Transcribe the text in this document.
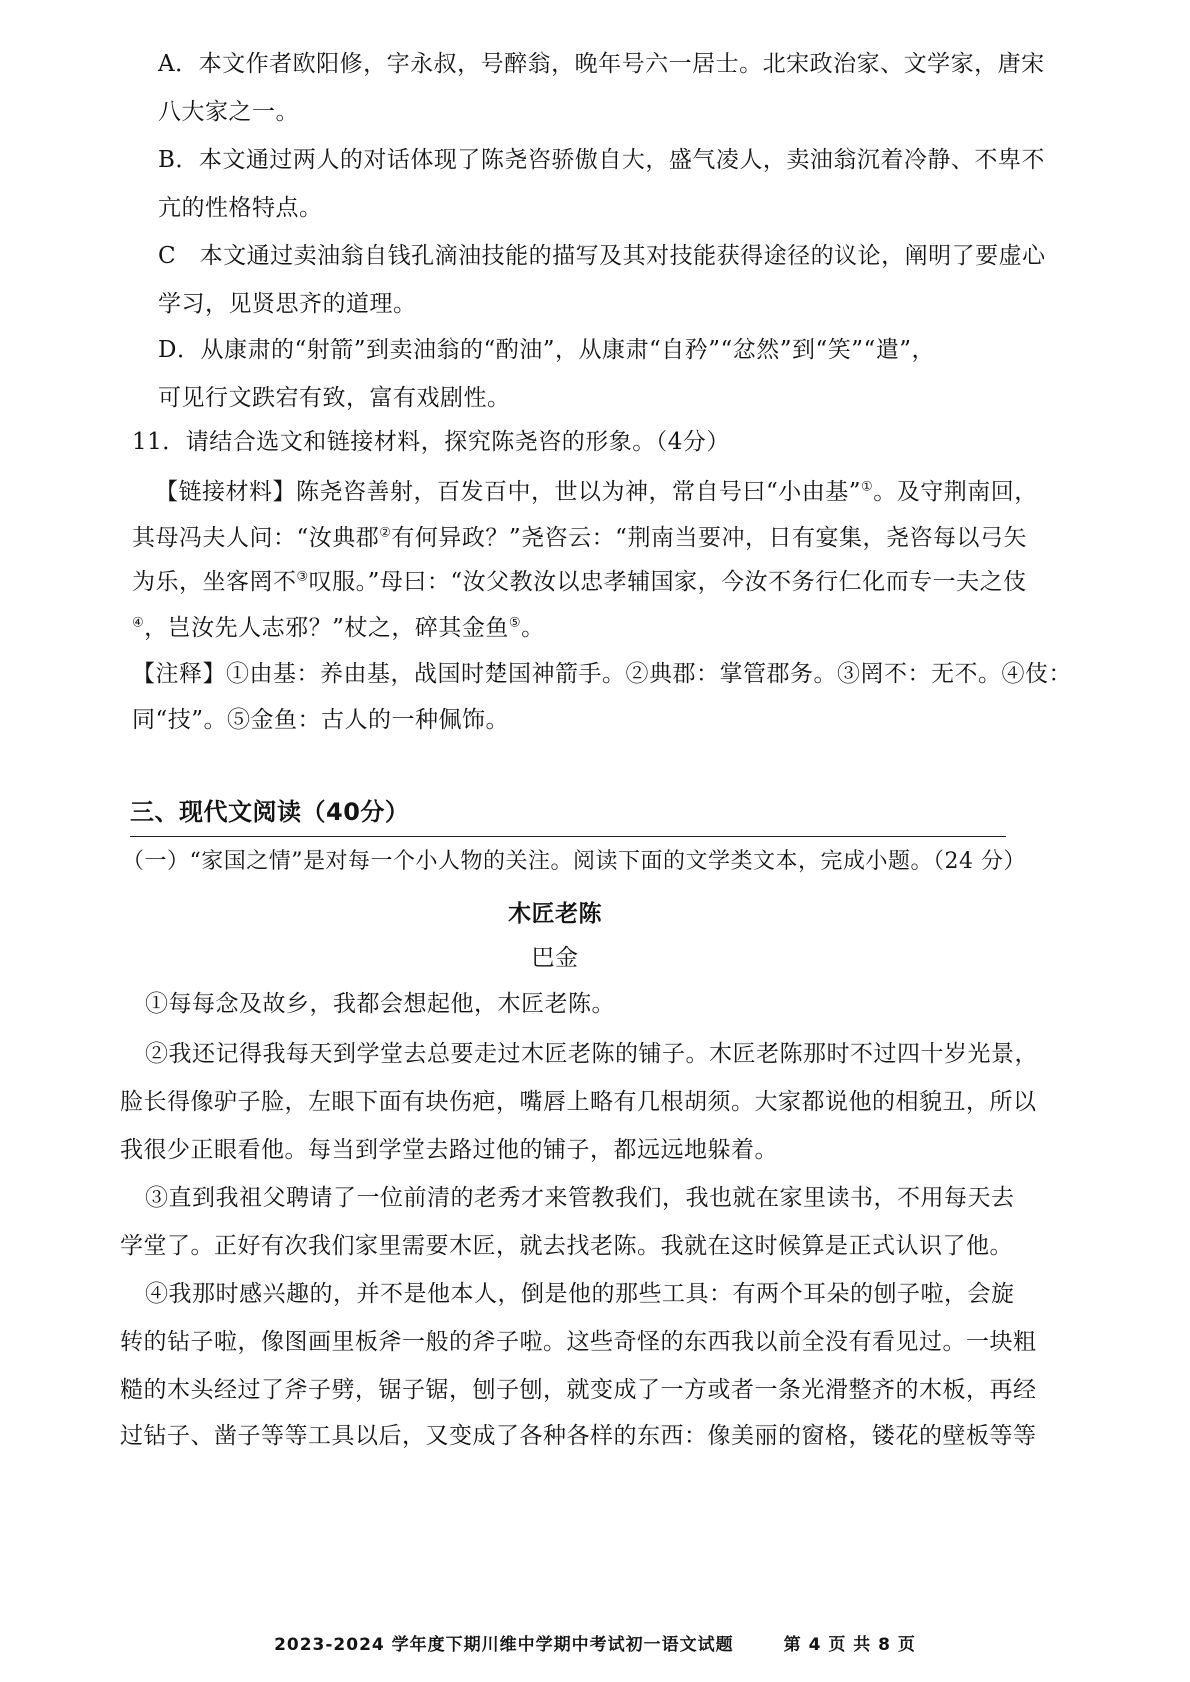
A．本文作者欧阳修，字永叔，号醉翁，晚年号六一居士。北宋政治家、文学家，唐宋
八大家之一。
B．本文通过两人的对话体现了陈尧咨骄傲自大，盛气凌人，卖油翁沉着冷静、不卑不
亢的性格特点。
C　本文通过卖油翁自钱孔滴油技能的描写及其对技能获得途径的议论，阐明了要虚心
学习，见贤思齐的道理。
D．从康肃的“射箭”到卖油翁的“酌油”，从康肃“自矜”“忿然”到“笑”“遣”，
可见行文跌宕有致，富有戏剧性。
11．请结合选文和链接材料，探究陈尧咨的形象。（4分）
【链接材料】陈尧咨善射，百发百中，世以为神，常自号曰“小由基”①。及守荆南回，
其母冯夫人问：“汝典郡②有何异政？”尧咨云：“荆南当要冲，日有宴集，尧咨每以弓矢
为乐，坐客罔不③叹服。”母曰：“汝父教汝以忠孝辅国家，今汝不务行仁化而专一夫之伎
④，岂汝先人志邪？”杖之，碎其金鱼⑤。
【注释】①由基：养由基，战国时楚国神箭手。②典郡：掌管郡务。③罔不：无不。④伎：
同“技”。⑤金鱼：古人的一种佩饰。
三、现代文阅读（40分）
（一）“家国之情”是对每一个小人物的关注。阅读下面的文学类文本，完成小题。（24 分）
木匠老陈
巴金
①每每念及故乡，我都会想起他，木匠老陈。
②我还记得我每天到学堂去总要走过木匠老陈的铺子。木匠老陈那时不过四十岁光景，
脸长得像驴子脸，左眼下面有块伤疤，嘴唇上略有几根胡须。大家都说他的相貌丑，所以
我很少正眼看他。每当到学堂去路过他的铺子，都远远地躲着。
③直到我祖父聘请了一位前清的老秀才来管教我们，我也就在家里读书，不用每天去
学堂了。正好有次我们家里需要木匠，就去找老陈。我就在这时候算是正式认识了他。
④我那时感兴趣的，并不是他本人，倒是他的那些工具：有两个耳朵的刨子啦，会旋
转的钻子啦，像图画里板斧一般的斧子啦。这些奇怪的东西我以前全没有看见过。一块粗
糙的木头经过了斧子劈，锯子锯，刨子刨，就变成了一方或者一条光滑整齐的木板，再经
过钻子、凿子等等工具以后，又变成了各种各样的东西：像美丽的窗格，镂花的壁板等等
2023-2024 学年度下期川维中学期中考试初一语文试题	第 4 页 共 8 页
